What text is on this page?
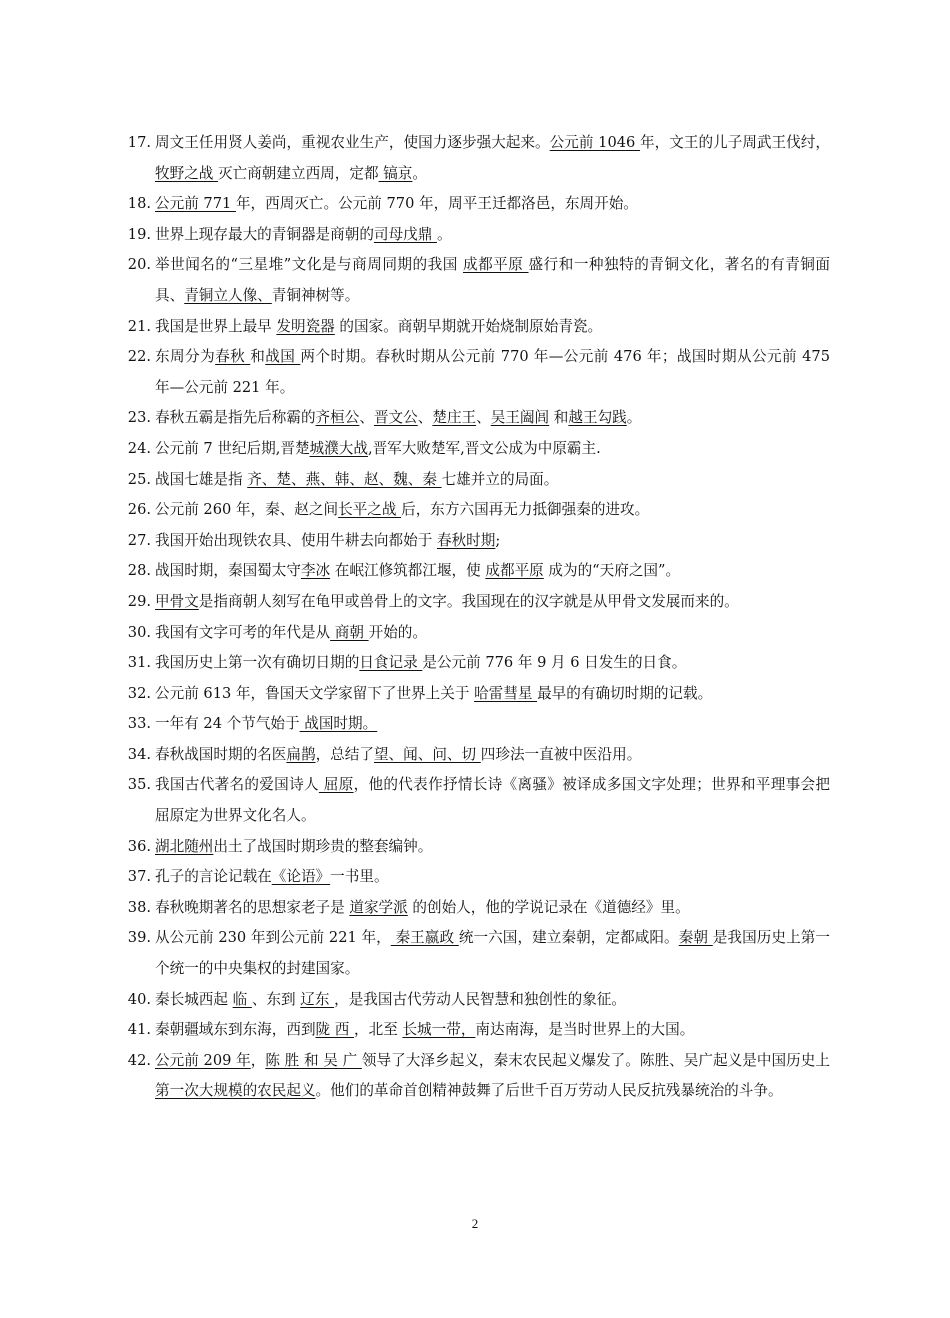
17. 周文王任用贤人姜尚，重视农业生产，使国力逐步强大起来。公元前 1046 年，文王的儿子周武王伐纣， 牧野之战 灭亡商朝建立西周，定都 镐京。
18. 公元前 771 年，西周灭亡。公元前 770 年，周平王迁都洛邑，东周开始。
19. 世界上现存最大的青铜器是商朝的司母戊鼎 。
20. 举世闻名的“三星堆”文化是与商周同期的我国 成都平原 盛行和一种独特的青铜文化，著名的有青铜面具、青铜立人像、青铜神树等。
21. 我国是世界上最早 发明瓷器 的国家。商朝早期就开始烧制原始青瓷。
22. 东周分为春秋 和战国 两个时期。春秋时期从公元前 770 年—公元前 476 年；战国时期从公元前 475 年—公元前 221 年。
23. 春秋五霸是指先后称霸的齐桓公、晋文公、楚庄王、吴王阖闾 和越王勾践。
24. 公元前 7 世纪后期,晋楚城濮大战,晋军大败楚军,晋文公成为中原霸主.
25. 战国七雄是指 齐、楚、燕、韩、赵、魏、秦 七雄并立的局面。
26. 公元前 260 年，秦、赵之间长平之战 后，东方六国再无力抵御强秦的进攻。
27. 我国开始出现铁农具、使用牛耕去向都始于 春秋时期;
28. 战国时期，秦国蜀太守李冰 在岷江修筑都江堰，使 成都平原 成为的“天府之国”。
29. 甲骨文是指商朝人刻写在龟甲或兽骨上的文字。我国现在的汉字就是从甲骨文发展而来的。
30. 我国有文字可考的年代是从 商朝 开始的。
31. 我国历史上第一次有确切日期的日食记录 是公元前 776 年 9 月 6 日发生的日食。
32. 公元前 613 年，鲁国天文学家留下了世界上关于 哈雷彗星 最早的有确切时期的记载。
33. 一年有 24 个节气始于 战国时期。
34. 春秋战国时期的名医扁鹊，总结了望、闻、问、切 四珍法一直被中医沿用。
35. 我国古代著名的爱国诗人 屈原，他的代表作抒情长诗《离骚》被译成多国文字处理；世界和平理事会把屈原定为世界文化名人。
36. 湖北随州出土了战国时期珍贵的整套编钟。
37. 孔子的言论记载在《论语》一书里。
38. 春秋晚期著名的思想家老子是 道家学派 的创始人，他的学说记录在《道德经》里。
39. 从公元前 230 年到公元前 221 年， 秦王嬴政 统一六国，建立秦朝，定都咸阳。秦朝 是我国历史上第一个统一的中央集权的封建国家。
40. 秦长城西起 临 、东到 辽东 ，是我国古代劳动人民智慧和独创性的象征。
41. 秦朝疆域东到东海，西到陇 西 ，北至 长城一带，南达南海，是当时世界上的大国。
42. 公元前 209 年，陈 胜 和 吴 广 领导了大泽乡起义，秦末农民起义爆发了。陈胜、吴广起义是中国历史上第一次大规模的农民起义。他们的革命首创精神鼓舞了后世千百万劳动人民反抗残暴统治的斗争。
2
